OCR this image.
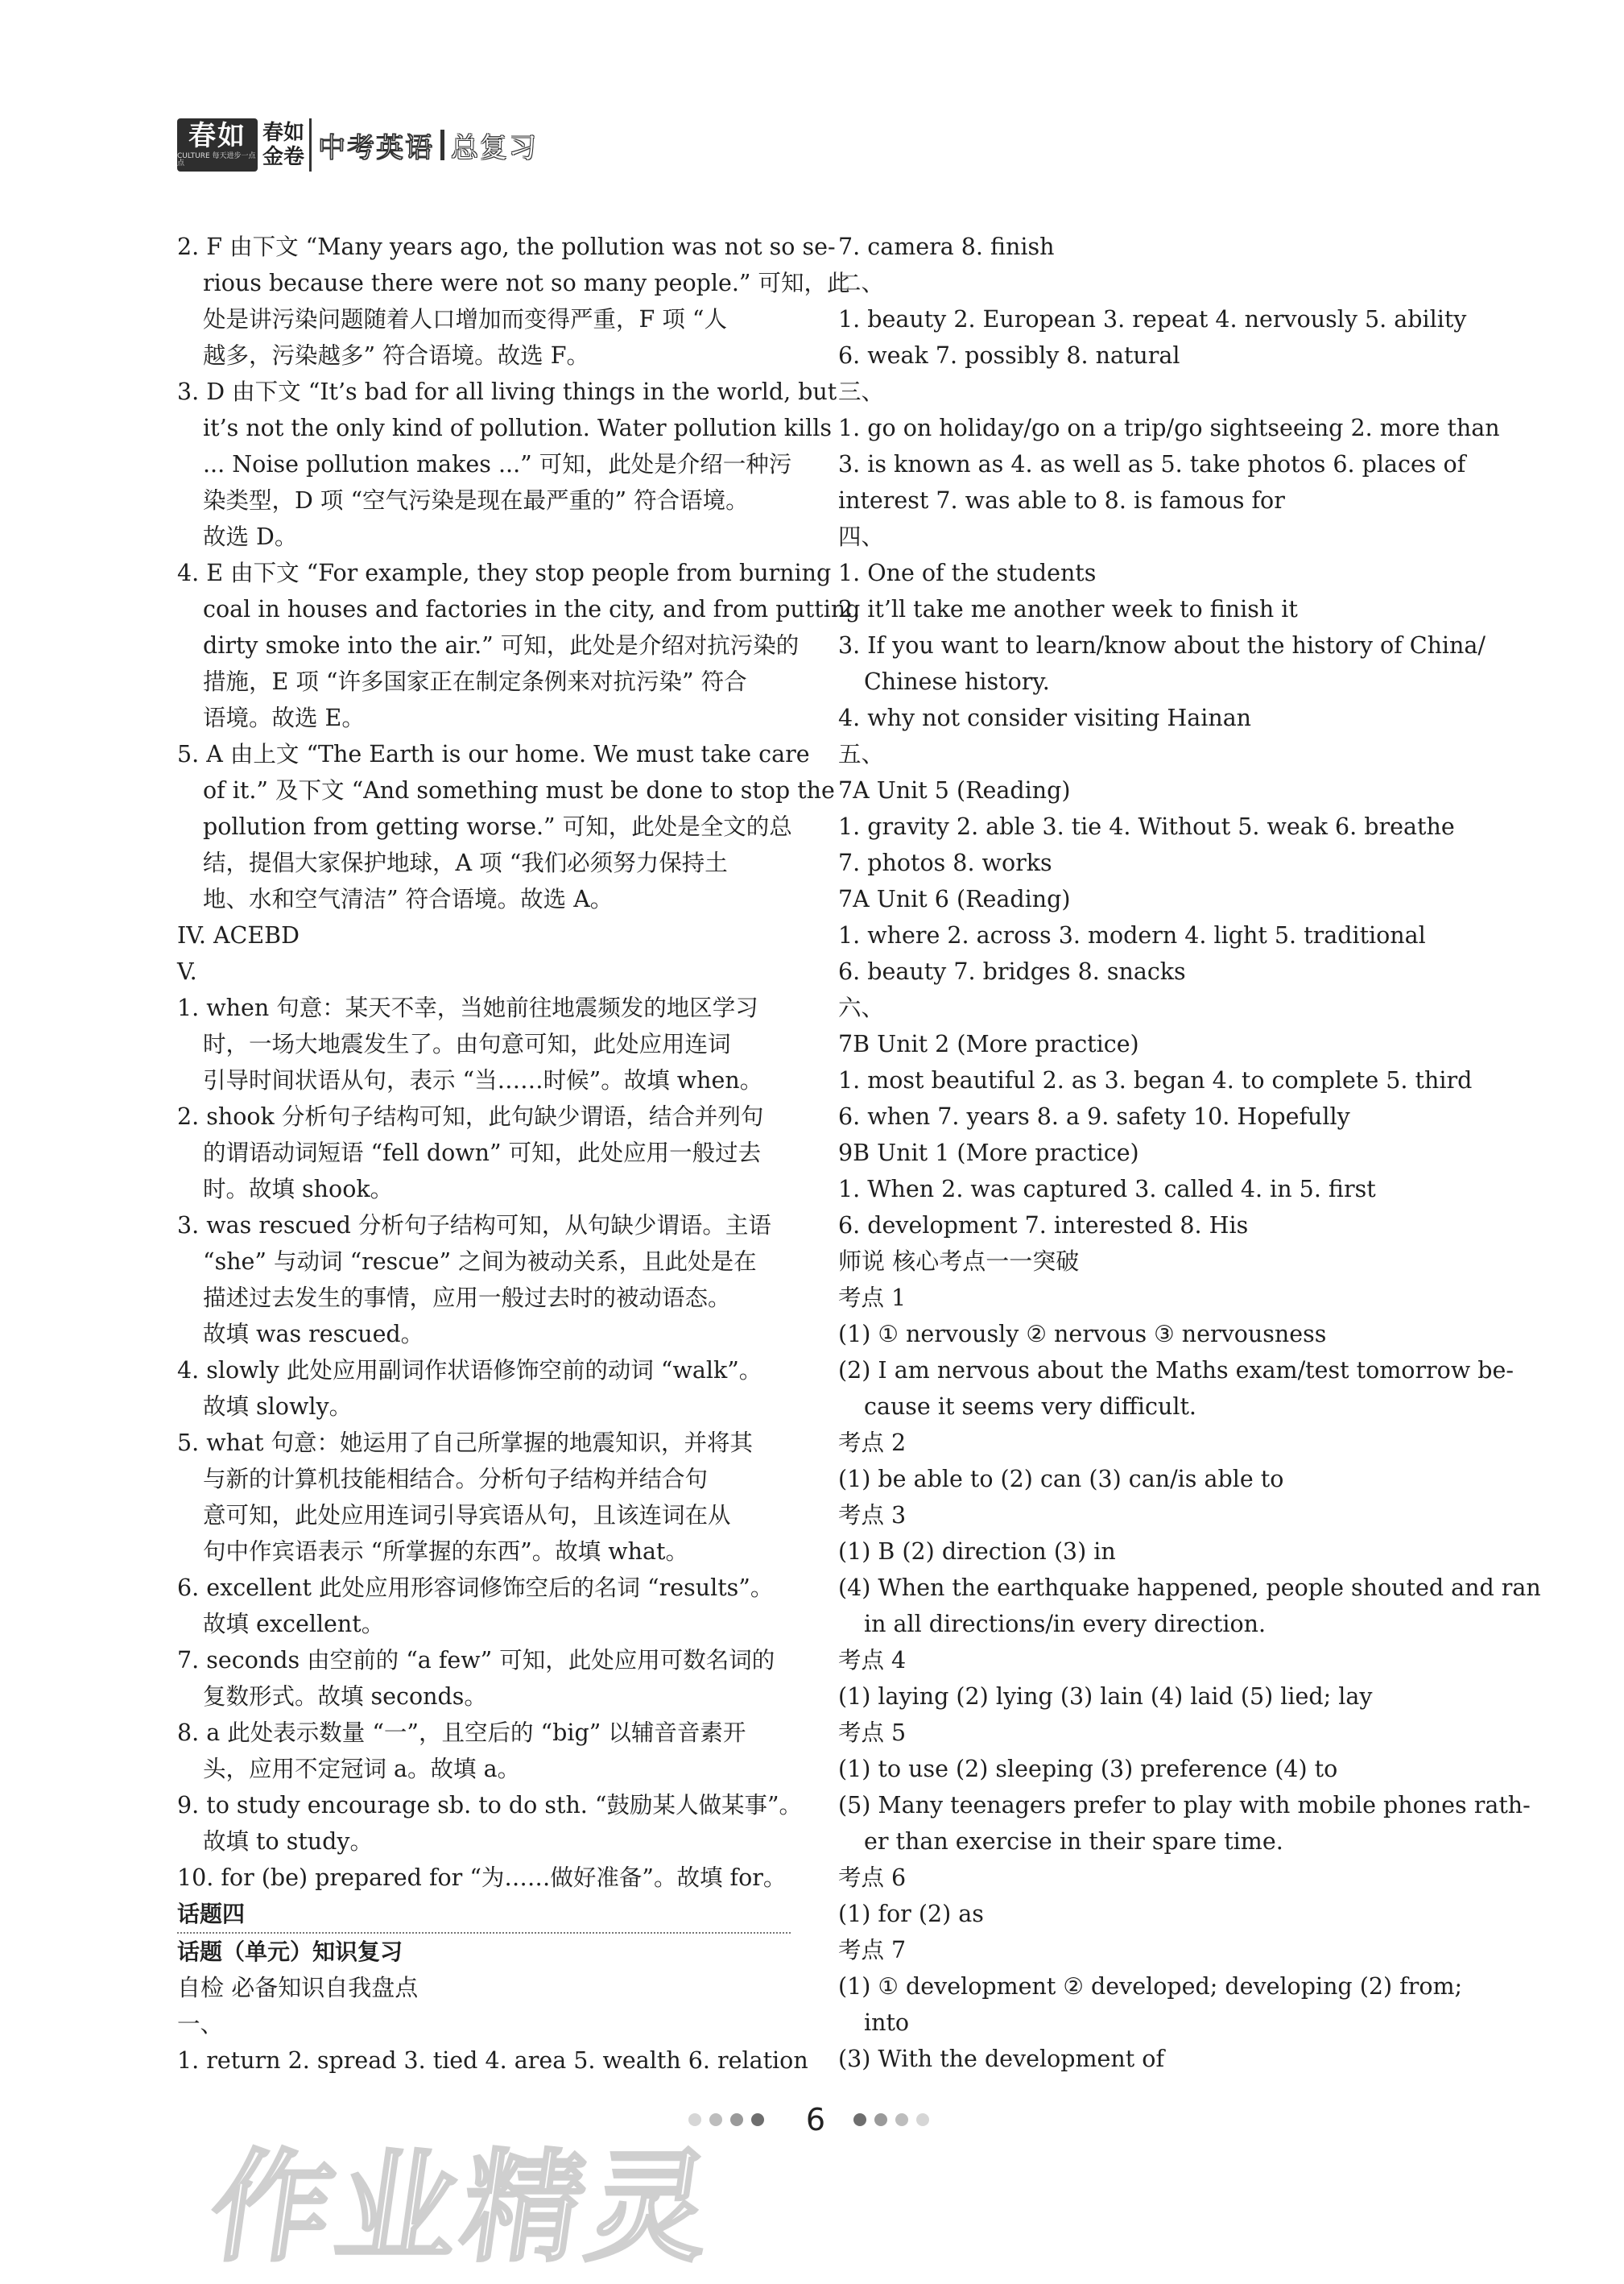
春如
CULTURE 每天进步一点点
春如
金卷 中考英语 总复习
2. F 由下文 “Many years ago, the pollution was not so se-
rious because there were not so many people.” 可知，此
处是讲污染问题随着人口增加而变得严重，F 项 “人
越多，污染越多” 符合语境。故选 F。
3. D 由下文 “It’s bad for all living things in the world, but
it’s not the only kind of pollution. Water pollution kills
... Noise pollution makes ...” 可知，此处是介绍一种污
染类型，D 项 “空气污染是现在最严重的” 符合语境。
故选 D。
4. E 由下文 “For example, they stop people from burning
coal in houses and factories in the city, and from putting
dirty smoke into the air.” 可知，此处是介绍对抗污染的
措施，E 项 “许多国家正在制定条例来对抗污染” 符合
语境。故选 E。
5. A 由上文 “The Earth is our home. We must take care
of it.” 及下文 “And something must be done to stop the
pollution from getting worse.” 可知，此处是全文的总
结，提倡大家保护地球，A 项 “我们必须努力保持土
地、水和空气清洁” 符合语境。故选 A。
IV. ACEBD
V.
1. when 句意：某天不幸，当她前往地震频发的地区学习
时，一场大地震发生了。由句意可知，此处应用连词
引导时间状语从句，表示 “当……时候”。故填 when。
2. shook 分析句子结构可知，此句缺少谓语，结合并列句
的谓语动词短语 “fell down” 可知，此处应用一般过去
时。故填 shook。
3. was rescued 分析句子结构可知，从句缺少谓语。主语
“she” 与动词 “rescue” 之间为被动关系，且此处是在
描述过去发生的事情，应用一般过去时的被动语态。
故填 was rescued。
4. slowly 此处应用副词作状语修饰空前的动词 “walk”。
故填 slowly。
5. what 句意：她运用了自己所掌握的地震知识，并将其
与新的计算机技能相结合。分析句子结构并结合句
意可知，此处应用连词引导宾语从句，且该连词在从
句中作宾语表示 “所掌握的东西”。故填 what。
6. excellent 此处应用形容词修饰空后的名词 “results”。
故填 excellent。
7. seconds 由空前的 “a few” 可知，此处应用可数名词的
复数形式。故填 seconds。
8. a 此处表示数量 “一”，且空后的 “big” 以辅音音素开
头，应用不定冠词 a。故填 a。
9. to study encourage sb. to do sth. “鼓励某人做某事”。
故填 to study。
10. for (be) prepared for “为……做好准备”。故填 for。
话题四
话题（单元）知识复习
自检 必备知识自我盘点
一、
1. return 2. spread 3. tied 4. area 5. wealth 6. relation
7. camera 8. finish
二、
1. beauty 2. European 3. repeat 4. nervously 5. ability
6. weak 7. possibly 8. natural
三、
1. go on holiday/go on a trip/go sightseeing 2. more than
3. is known as 4. as well as 5. take photos 6. places of
interest 7. was able to 8. is famous for
四、
1. One of the students
2. it’ll take me another week to finish it
3. If you want to learn/know about the history of China/
Chinese history.
4. why not consider visiting Hainan
五、
7A Unit 5 (Reading)
1. gravity 2. able 3. tie 4. Without 5. weak 6. breathe
7. photos 8. works
7A Unit 6 (Reading)
1. where 2. across 3. modern 4. light 5. traditional
6. beauty 7. bridges 8. snacks
六、
7B Unit 2 (More practice)
1. most beautiful 2. as 3. began 4. to complete 5. third
6. when 7. years 8. a 9. safety 10. Hopefully
9B Unit 1 (More practice)
1. When 2. was captured 3. called 4. in 5. first
6. development 7. interested 8. His
师说 核心考点一一突破
考点 1
(1) ① nervously ② nervous ③ nervousness
(2) I am nervous about the Maths exam/test tomorrow be-
cause it seems very difficult.
考点 2
(1) be able to (2) can (3) can/is able to
考点 3
(1) B (2) direction (3) in
(4) When the earthquake happened, people shouted and ran
in all directions/in every direction.
考点 4
(1) laying (2) lying (3) lain (4) laid (5) lied; lay
考点 5
(1) to use (2) sleeping (3) preference (4) to
(5) Many teenagers prefer to play with mobile phones rath-
er than exercise in their spare time.
考点 6
(1) for (2) as
考点 7
(1) ① development ② developed; developing (2) from;
into
(3) With the development of
6
作业精灵
